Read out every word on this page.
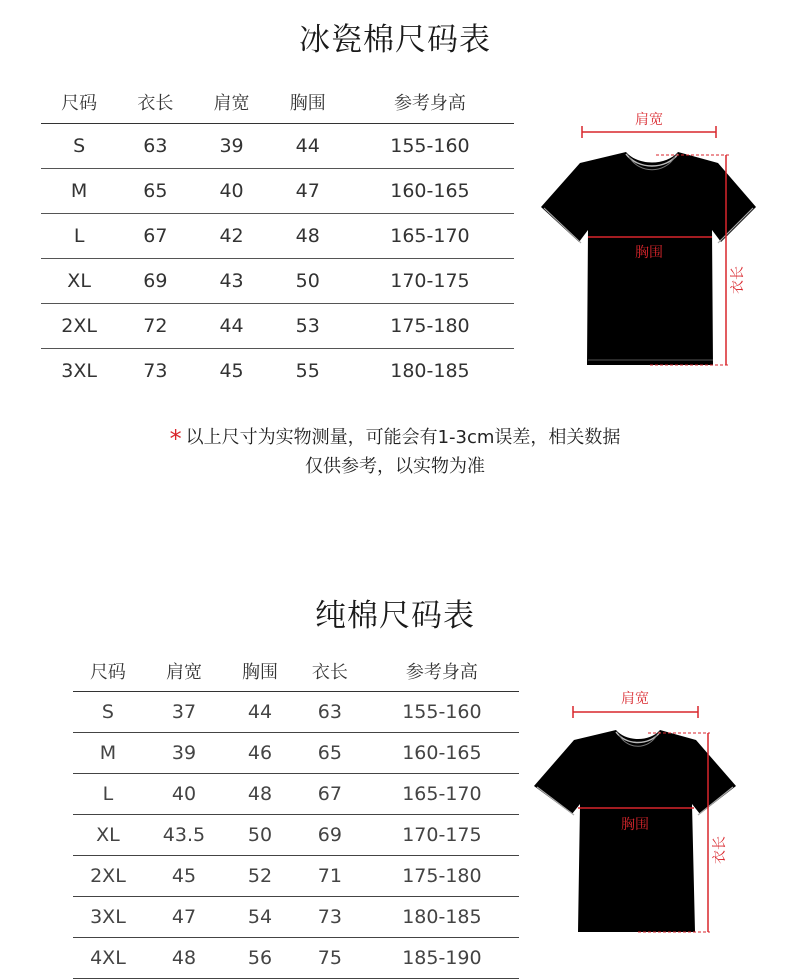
冰瓷棉尺码表
尺码	衣长	肩宽	胸围	参考身高
S	63	39	44	155-160
M	65	40	47	160-165
L	67	42	48	165-170
XL	69	43	50	170-175
2XL	72	44	53	175-180
3XL	73	45	55	180-185
肩宽
胸围
衣长
* 以上尺寸为实物测量，可能会有1-3cm误差，相关数据
仅供参考，以实物为准
纯棉尺码表
尺码	肩宽	胸围	衣长	参考身高
S	37	44	63	155-160
M	39	46	65	160-165
L	40	48	67	165-170
XL	43.5	50	69	170-175
2XL	45	52	71	175-180
3XL	47	54	73	180-185
4XL	48	56	75	185-190
肩宽
胸围
衣长
